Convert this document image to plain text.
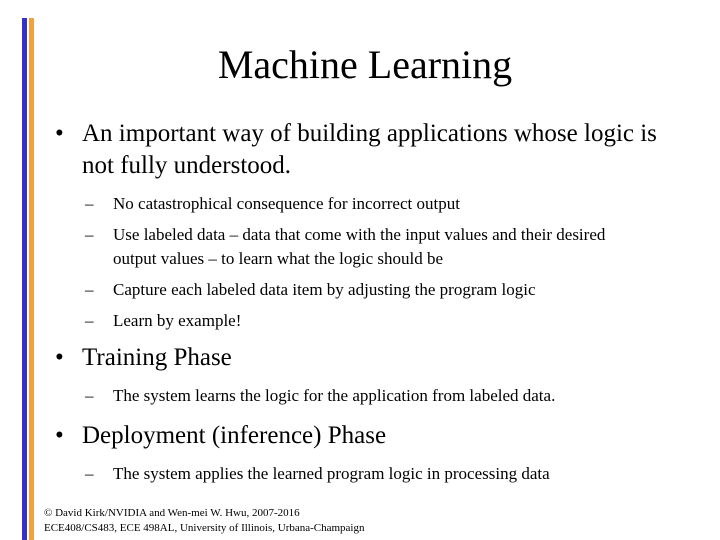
Machine Learning
• An important way of building applications whose logic is not fully understood.
– No catastrophical consequence for incorrect output
– Use labeled data – data that come with the input values and their desired output values – to learn what the logic should be
– Capture each labeled data item by adjusting the program logic
– Learn by example!
• Training Phase
– The system learns the logic for the application from labeled data.
• Deployment (inference) Phase
– The system applies the learned program logic in processing data
© David Kirk/NVIDIA and Wen-mei W. Hwu, 2007-2016
ECE408/CS483, ECE 498AL, University of Illinois, Urbana-Champaign
